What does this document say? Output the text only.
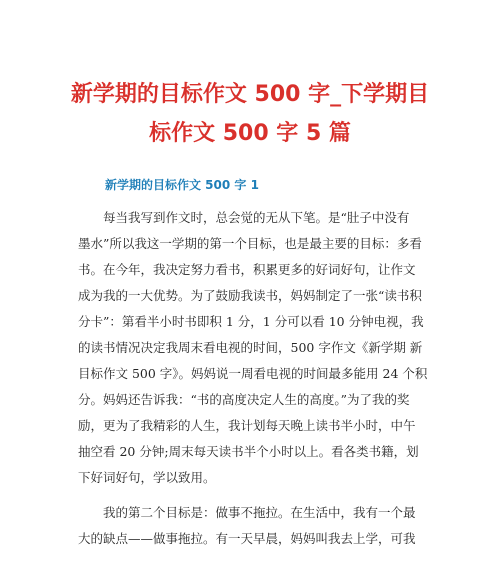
新学期的目标作文 500 字_下学期目
标作文 500 字 5 篇
新学期的目标作文 500 字 1
每当我写到作文时，总会觉的无从下笔。是“肚子中没有
墨水”所以我这一学期的第一个目标，也是最主要的目标：多看
书。在今年，我决定努力看书，积累更多的好词好句，让作文
成为我的一大优势。为了鼓励我读书，妈妈制定了一张“读书积
分卡”：第看半小时书即积 1 分，1 分可以看 10 分钟电视，我
的读书情况决定我周末看电视的时间，500 字作文《新学期 新
目标作文 500 字》。妈妈说一周看电视的时间最多能用 24 个积
分。妈妈还告诉我：“书的高度决定人生的高度。”为了我的奖
励，更为了我精彩的人生，我计划每天晚上读书半小时，中午
抽空看 20 分钟;周末每天读书半个小时以上。看各类书籍，划
下好词好句，学以致用。
我的第二个目标是：做事不拖拉。在生活中，我有一个最
大的缺点——做事拖拉。有一天早晨，妈妈叫我去上学，可我
